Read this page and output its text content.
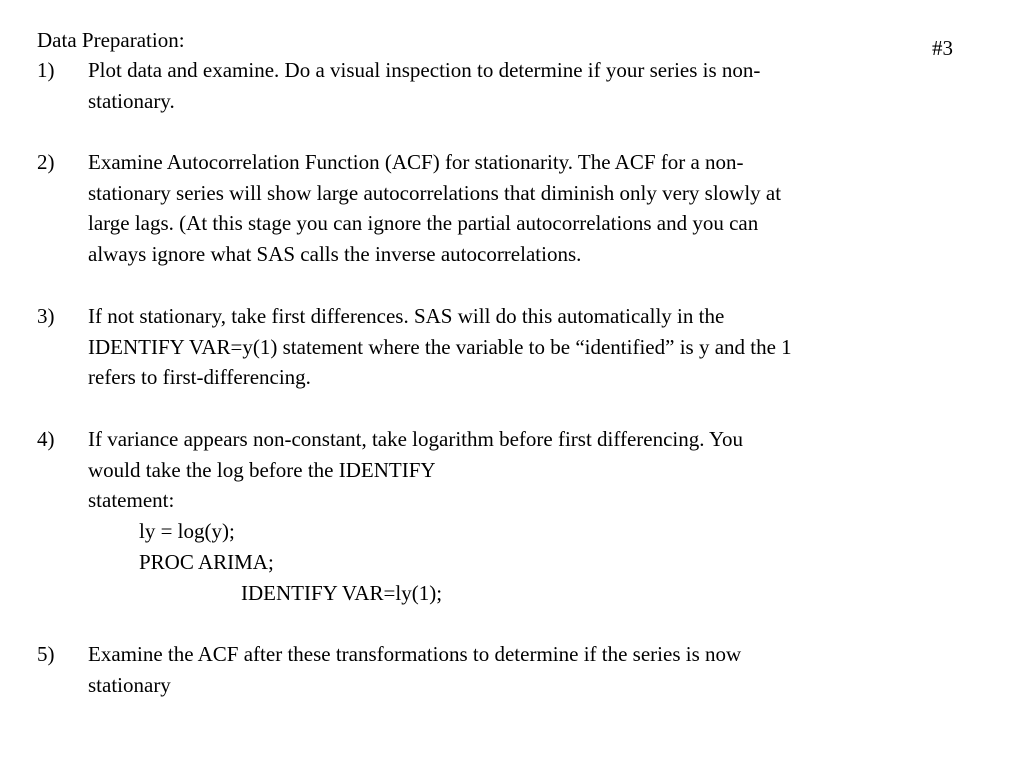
Data Preparation:	#3
1) Plot data and examine. Do a visual inspection to determine if your series is non-
stationary.
2) Examine Autocorrelation Function (ACF) for stationarity. The ACF for a non-
stationary series will show large autocorrelations that diminish only very slowly at
large lags. (At this stage you can ignore the partial autocorrelations and you can
always ignore what SAS calls the inverse autocorrelations.
3) If not stationary, take first differences. SAS will do this automatically in the
IDENTIFY VAR=y(1) statement where the variable to be “identified” is y and the 1
refers to first-differencing.
4) If variance appears non-constant, take logarithm before first differencing. You
would take the log before the IDENTIFY
statement:
ly = log(y);
PROC ARIMA;
IDENTIFY VAR=ly(1);
5) Examine the ACF after these transformations to determine if the series is now
stationary
